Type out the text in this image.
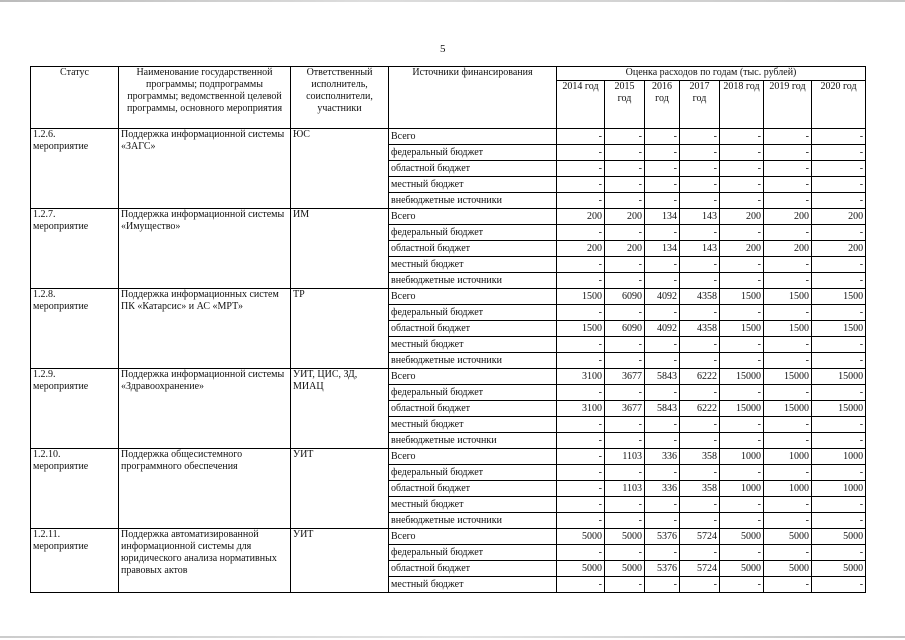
5
Статус	Наименование государственной программы; подпрограммы программы; ведомственной целевой программы, основного мероприятия	Ответственный исполнитель, соисполнители, участники	Источники финансирования	Оценка расходов по годам (тыс. рублей)						
				2014 год	2015 год	2016 год	2017 год	2018 год	2019 год	2020 год

1.2.6.
мероприятие	Поддержка информационной системы «ЗАГС»	ЮС	Всего	-	-	-	-	-	-	-
			федеральный бюджет	-	-	-	-	-	-	-
			областной бюджет	-	-	-	-	-	-	-
			местный бюджет	-	-	-	-	-	-	-
			внебюджетные источники	-	-	-	-	-	-	-

1.2.7.
мероприятие	Поддержка информационной системы «Имущество»	ИМ	Всего	200	200	134	143	200	200	200
			федеральный бюджет	-	-	-	-	-	-	-
			областной бюджет	200	200	134	143	200	200	200
			местный бюджет	-	-	-	-	-	-	-
			внебюджетные источники	-	-	-	-	-	-	-

1.2.8.
мероприятие	Поддержка информационных систем ПК «Катарсис» и АС «МРТ»	ТР	Всего	1500	6090	4092	4358	1500	1500	1500
			федеральный бюджет	-	-	-	-	-	-	-
			областной бюджет	1500	6090	4092	4358	1500	1500	1500
			местный бюджет	-	-	-	-	-	-	-
			внебюджетные источники	-	-	-	-	-	-	-

1.2.9.
мероприятие	Поддержка информационной системы «Здравоохранение»	УИТ, ЦИС, ЗД, МИАЦ	Всего	3100	3677	5843	6222	15000	15000	15000
			федеральный бюджет	-	-	-	-	-	-	-
			областной бюджет	3100	3677	5843	6222	15000	15000	15000
			местный бюджет	-	-	-	-	-	-	-
			внебюджетные источнки	-	-	-	-	-	-	-

1.2.10.
мероприятие	Поддержка общесистемного программного обеспечения	УИТ	Всего	-	1103	336	358	1000	1000	1000
			федеральный бюджет	-	-	-	-	-	-	-
			областной бюджет	-	1103	336	358	1000	1000	1000
			местный бюджет	-	-	-	-	-	-	-
			внебюджетные источники	-	-	-	-	-	-	-

1.2.11.
мероприятие	Поддержка автоматизированной информационной системы для юридического анализа нормативных правовых актов	УИТ	Всего	5000	5000	5376	5724	5000	5000	5000
			федеральный бюджет	-	-	-	-	-	-	-
			областной бюджет	5000	5000	5376	5724	5000	5000	5000
			местный бюджет	-	-	-	-	-	-	-
